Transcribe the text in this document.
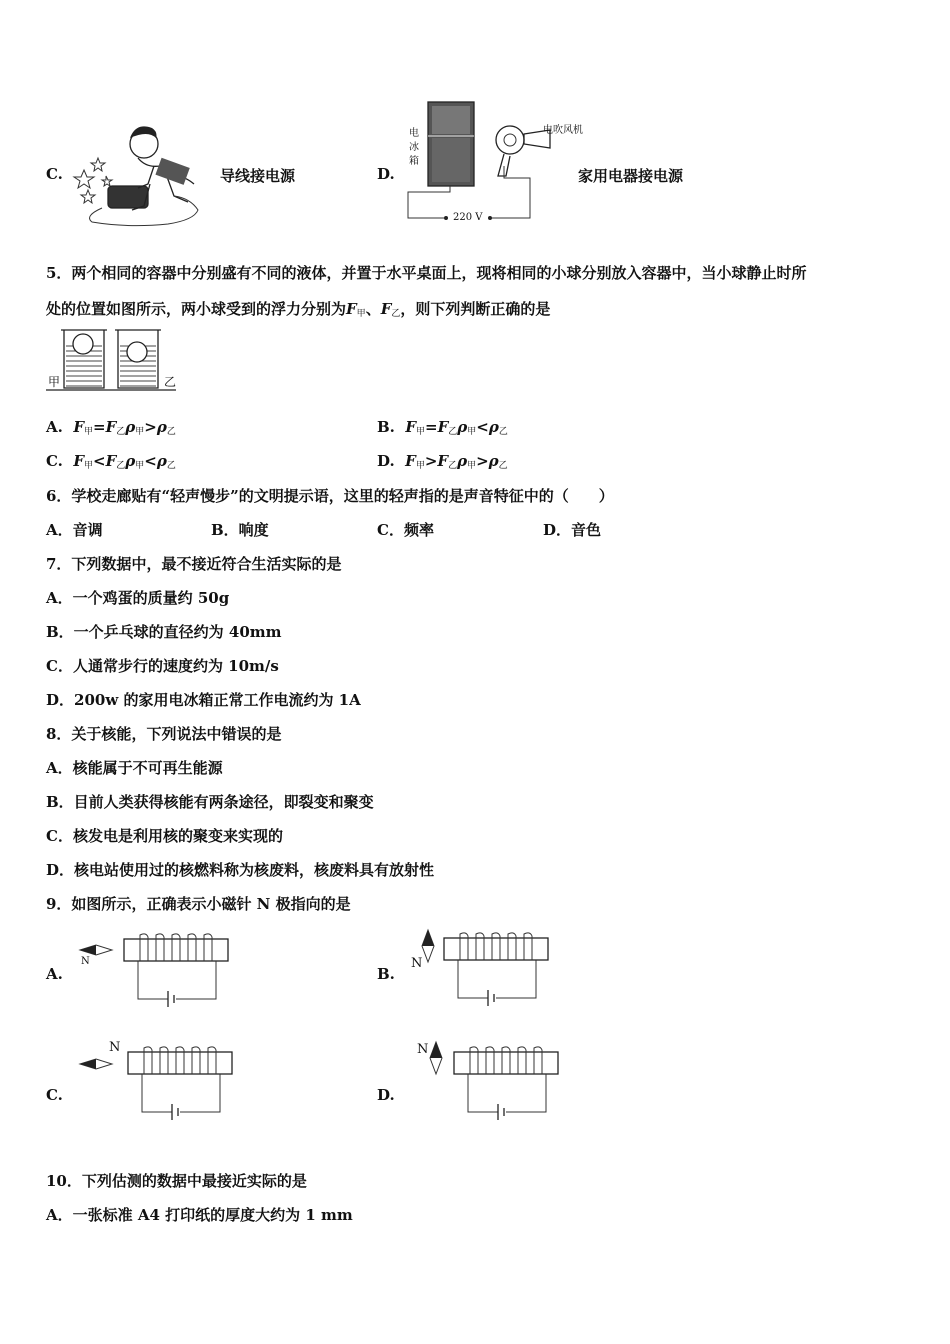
C.	导线接电源	D.
电
冰
箱
电吹风机
220 V
家用电器接电源
5．两个相同的容器中分别盛有不同的液体，并置于水平桌面上，现将相同的小球分别放入容器中，当小球静止时所
处的位置如图所示，两小球受到的浮力分别为$F_甲$、$F_乙$，则下列判断正确的是
甲	乙
A. $F_甲=F_乙\rho_甲>\rho_乙$	B. $F_甲=F_乙\rho_甲<\rho_乙$
C. $F_甲<F_乙\rho_甲<\rho_乙$	D. $F_甲>F_乙\rho_甲>\rho_乙$
6．学校走廊贴有“轻声慢步”的文明提示语，这里的轻声指的是声音特征中的（　　）
A．音调	B．响度	C．频率	D．音色
7．下列数据中，最不接近符合生活实际的是
A．一个鸡蛋的质量约 50g
B．一个乒乓球的直径约为 40mm
C．人通常步行的速度约为 10m/s
D．200w 的家用电冰箱正常工作电流约为 1A
8．关于核能，下列说法中错误的是
A．核能属于不可再生能源
B．目前人类获得核能有两条途径，即裂变和聚变
C．核发电是利用核的聚变来实现的
D．核电站使用过的核燃料称为核废料，核废料具有放射性
9．如图所示，正确表示小磁针 N 极指向的是
A.
N
B.
N
C.
N
D.
N
10．下列估测的数据中最接近实际的是
A．一张标准 A4 打印纸的厚度大约为 1 mm
